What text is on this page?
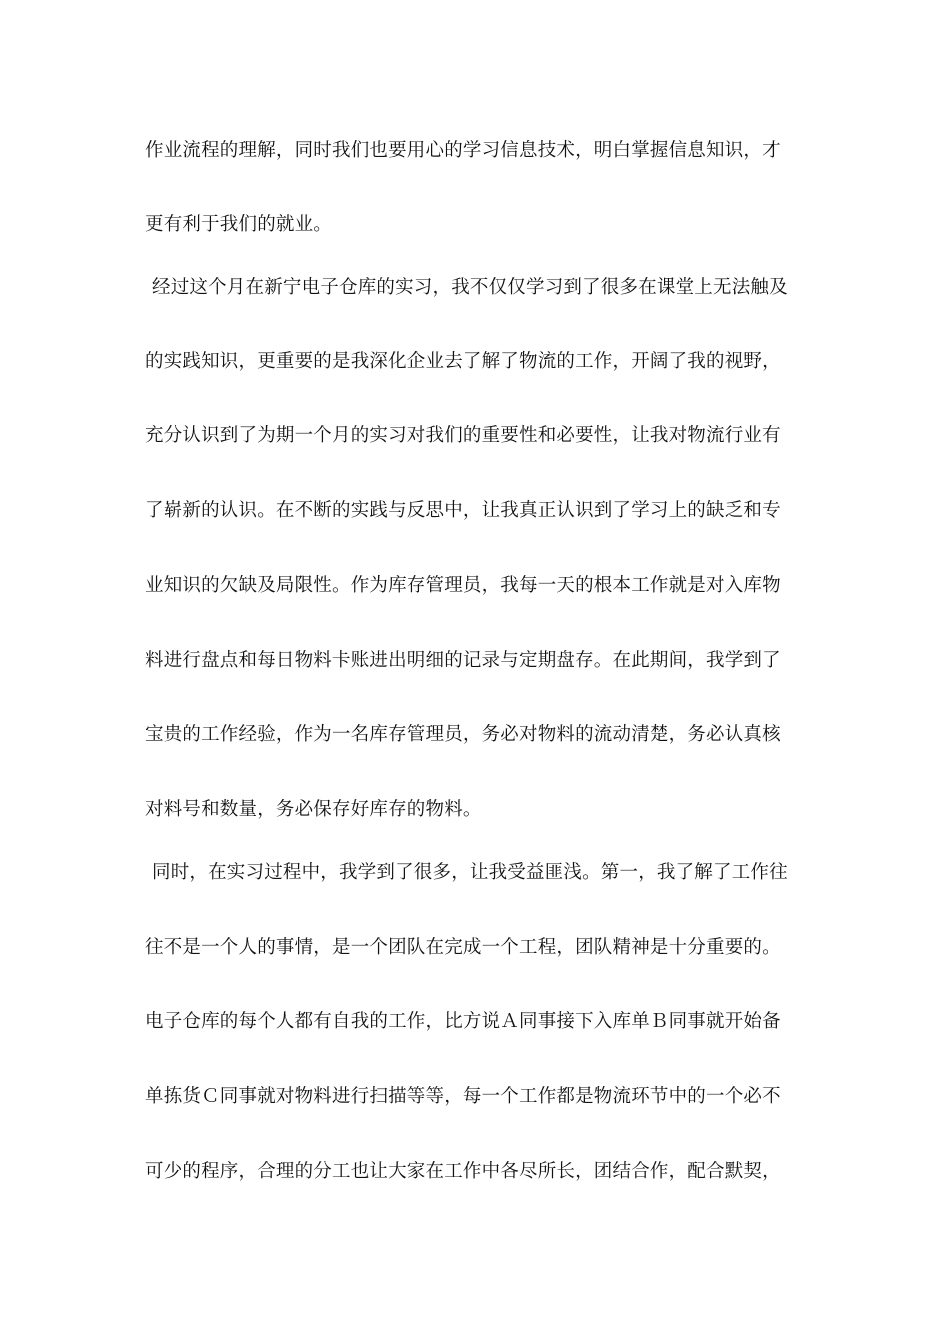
作业流程的理解，同时我们也要用心的学习信息技术，明白掌握信息知识，才
更有利于我们的就业。
经过这个月在新宁电子仓库的实习，我不仅仅学习到了很多在课堂上无法触及
的实践知识，更重要的是我深化企业去了解了物流的工作，开阔了我的视野，
充分认识到了为期一个月的实习对我们的重要性和必要性，让我对物流行业有
了崭新的认识。在不断的实践与反思中，让我真正认识到了学习上的缺乏和专
业知识的欠缺及局限性。作为库存管理员，我每一天的根本工作就是对入库物
料进行盘点和每日物料卡账进出明细的记录与定期盘存。在此期间，我学到了
宝贵的工作经验，作为一名库存管理员，务必对物料的流动清楚，务必认真核
对料号和数量，务必保存好库存的物料。
同时，在实习过程中，我学到了很多，让我受益匪浅。第一，我了解了工作往
往不是一个人的事情，是一个团队在完成一个工程，团队精神是十分重要的。
电子仓库的每个人都有自我的工作，比方说Ａ同事接下入库单Ｂ同事就开始备
单拣货Ｃ同事就对物料进行扫描等等，每一个工作都是物流环节中的一个必不
可少的程序，合理的分工也让大家在工作中各尽所长，团结合作，配合默契，
